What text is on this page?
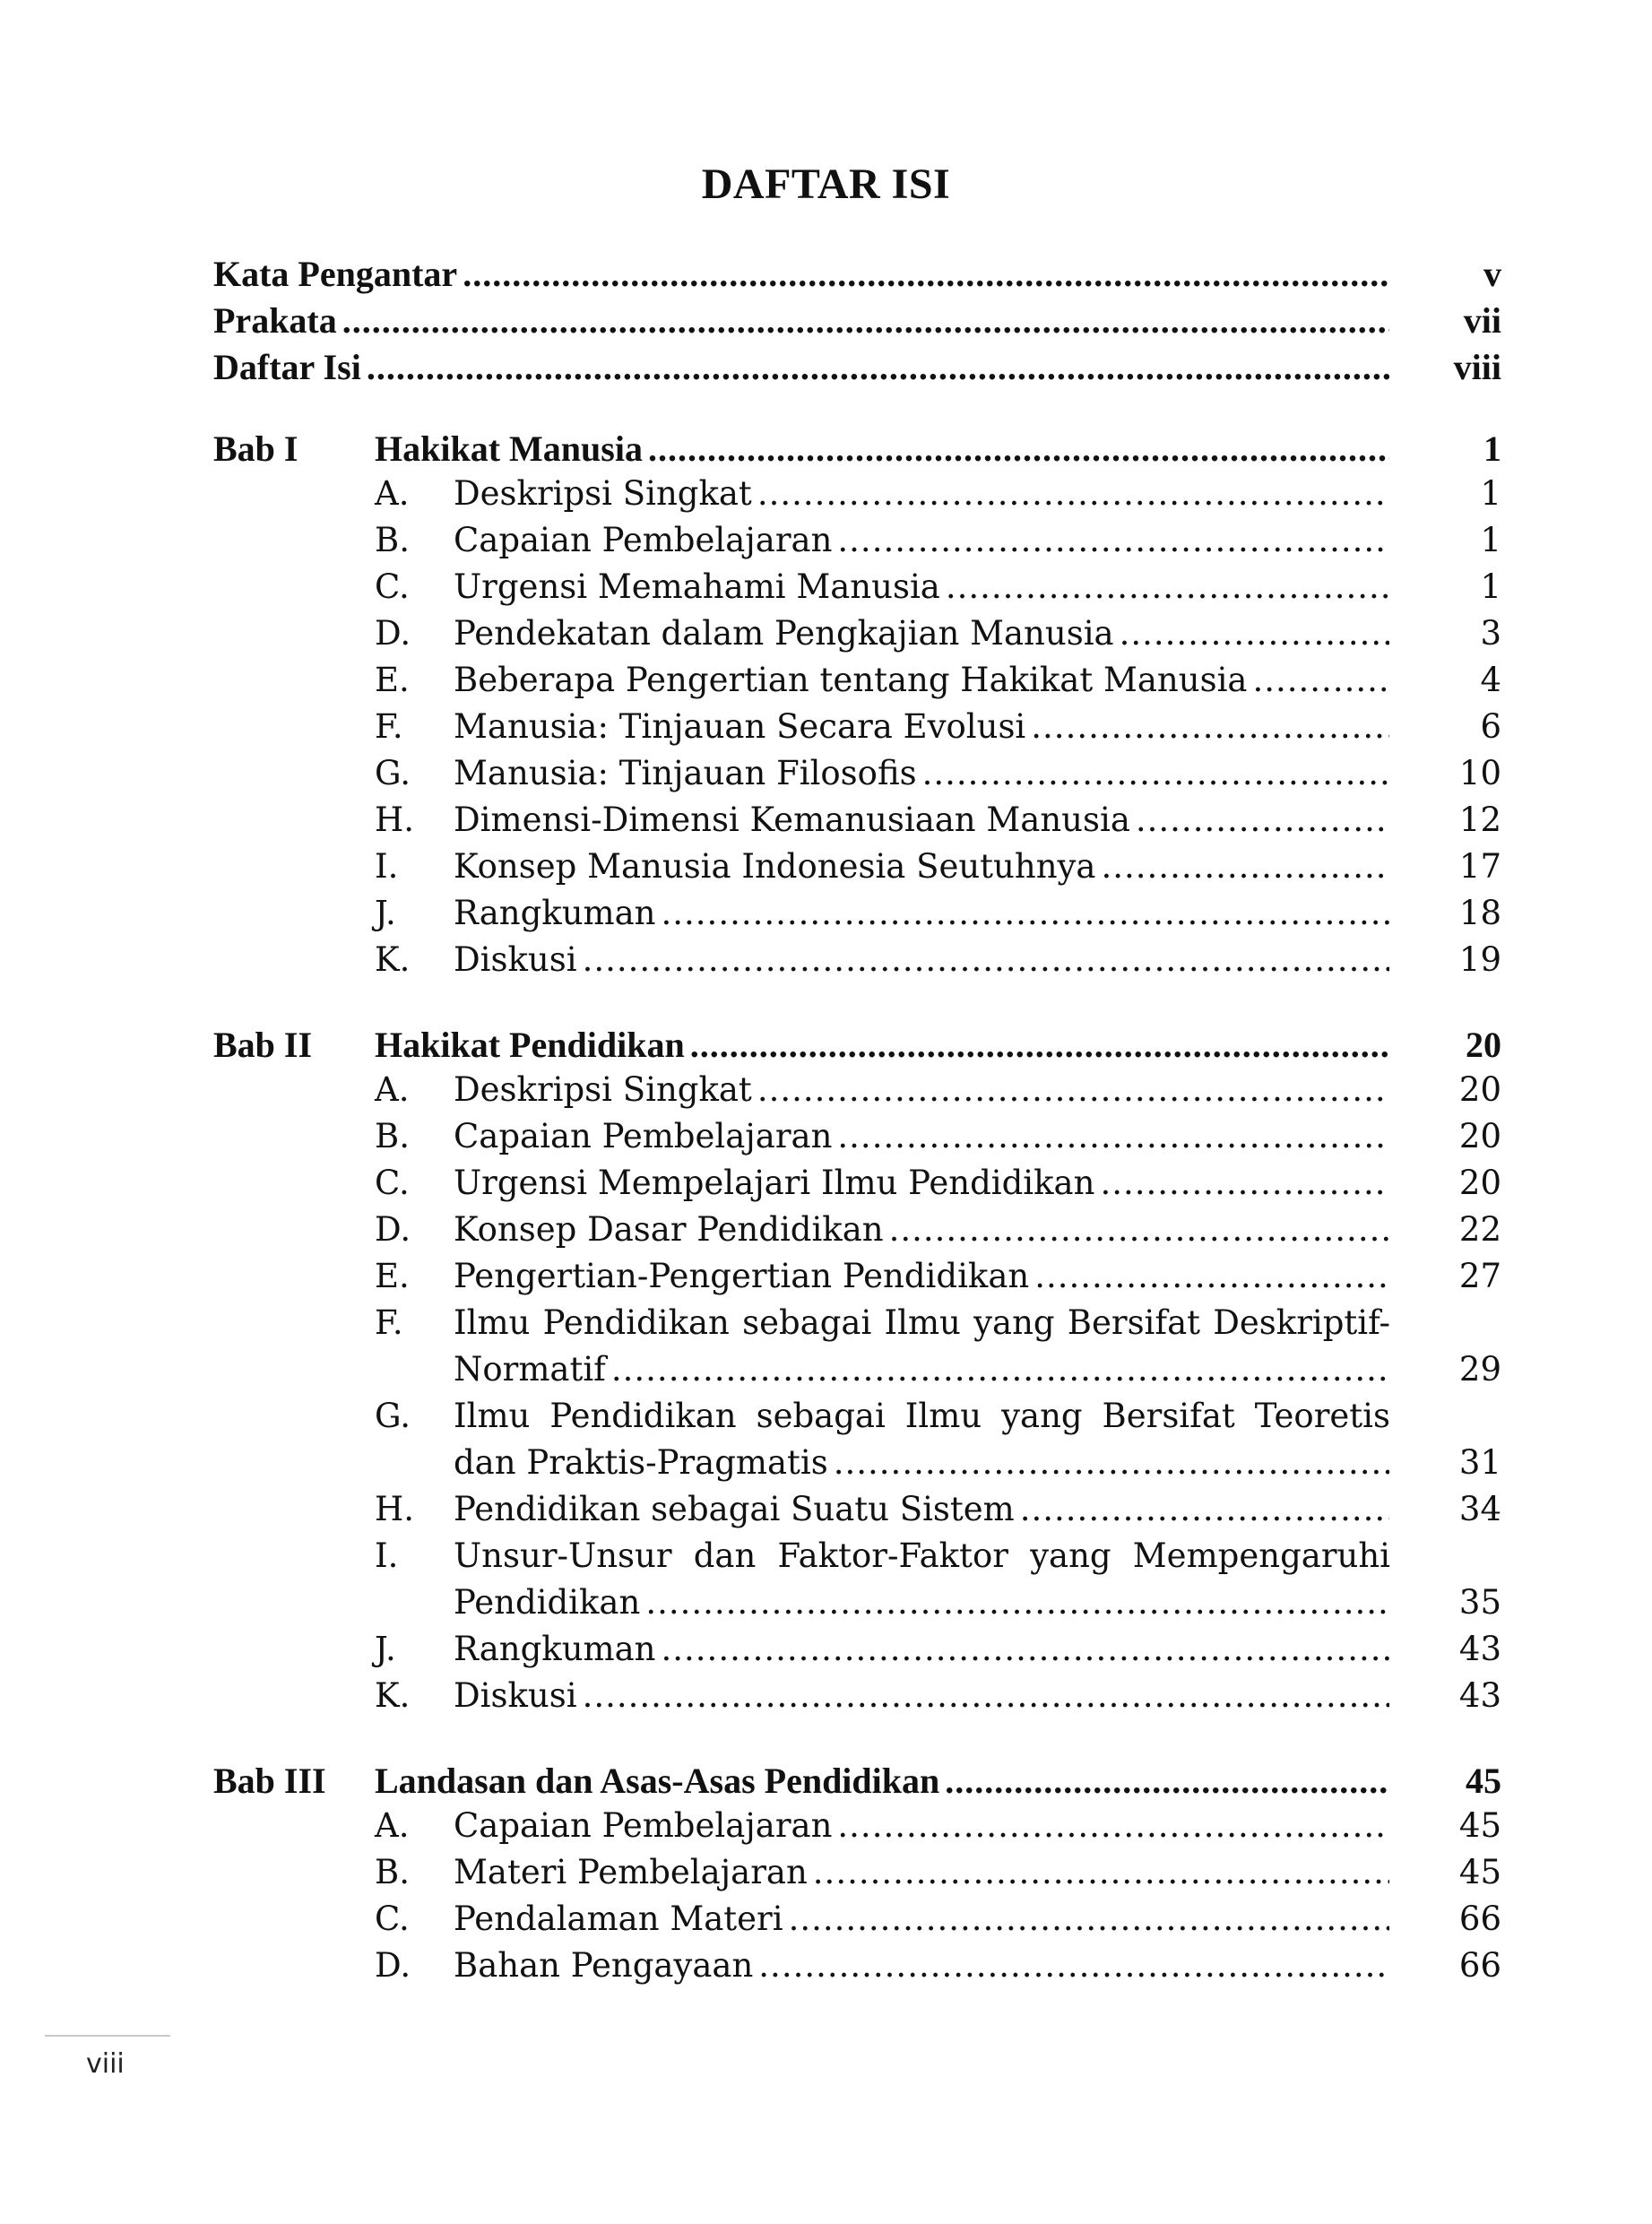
DAFTAR ISI
Kata Pengantar .....	v
Prakata .....	vii
Daftar Isi .....	viii
Bab I Hakikat Manusia .....	1
A. Deskripsi Singkat .....	1
B. Capaian Pembelajaran .....	1
C. Urgensi Memahami Manusia .....	1
D. Pendekatan dalam Pengkajian Manusia .....	3
E. Beberapa Pengertian tentang Hakikat Manusia .....	4
F. Manusia: Tinjauan Secara Evolusi .....	6
G. Manusia: Tinjauan Filosofis .....	10
H. Dimensi-Dimensi Kemanusiaan Manusia .....	12
I. Konsep Manusia Indonesia Seutuhnya .....	17
J. Rangkuman .....	18
K. Diskusi .....	19
Bab II Hakikat Pendidikan .....	20
A. Deskripsi Singkat .....	20
B. Capaian Pembelajaran .....	20
C. Urgensi Mempelajari Ilmu Pendidikan .....	20
D. Konsep Dasar Pendidikan .....	22
E. Pengertian-Pengertian Pendidikan .....	27
F. Ilmu Pendidikan sebagai Ilmu yang Bersifat Deskriptif-
Normatif .....	29
G. Ilmu Pendidikan sebagai Ilmu yang Bersifat Teoretis
dan Praktis-Pragmatis .....	31
H. Pendidikan sebagai Suatu Sistem .....	34
I. Unsur-Unsur dan Faktor-Faktor yang Mempengaruhi
Pendidikan .....	35
J. Rangkuman .....	43
K. Diskusi .....	43
Bab III Landasan dan Asas-Asas Pendidikan .....	45
A. Capaian Pembelajaran .....	45
B. Materi Pembelajaran .....	45
C. Pendalaman Materi .....	66
D. Bahan Pengayaan .....	66
viii
